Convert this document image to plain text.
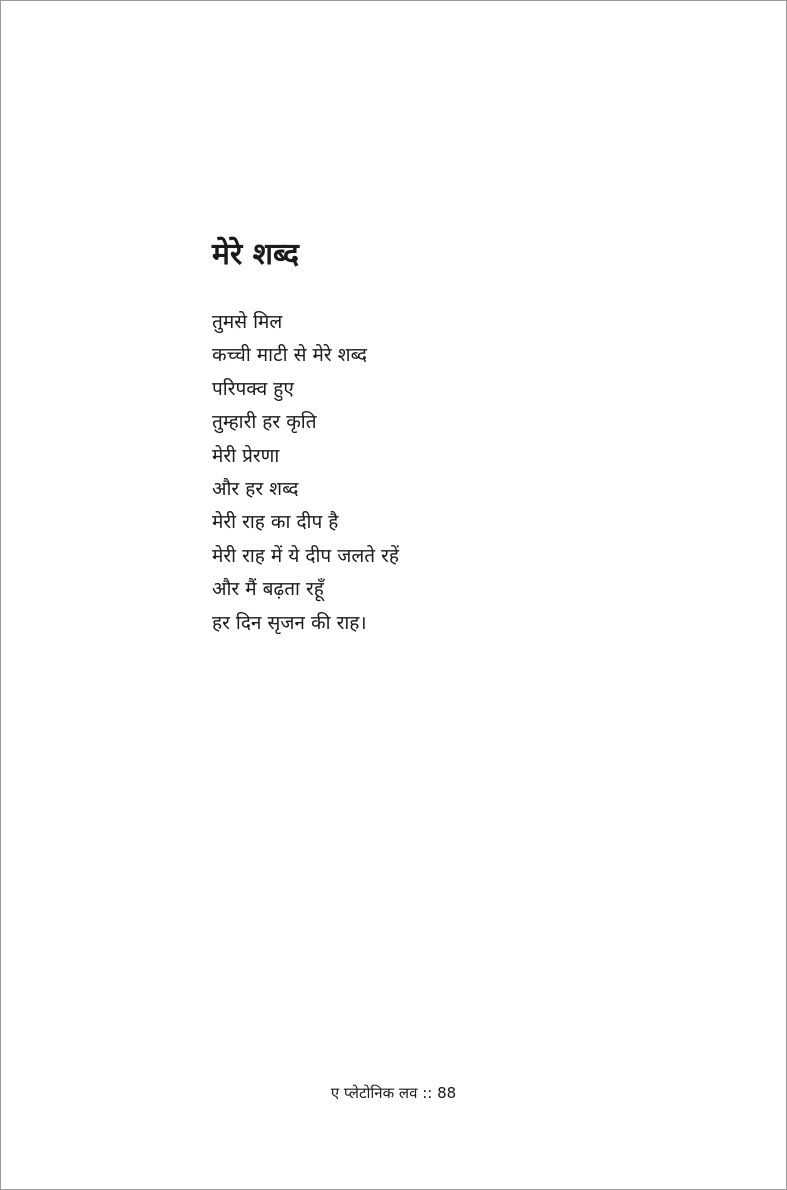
मेरे शब्द
तुमसे मिल
कच्ची माटी से मेरे शब्द
परिपक्व हुए
तुम्हारी हर कृति
मेरी प्रेरणा
और हर शब्द
मेरी राह का दीप है
मेरी राह में ये दीप जलते रहें
और मैं बढ़ता रहूँ
हर दिन सृजन की राह।
ए प्लेटोनिक लव :: 88
